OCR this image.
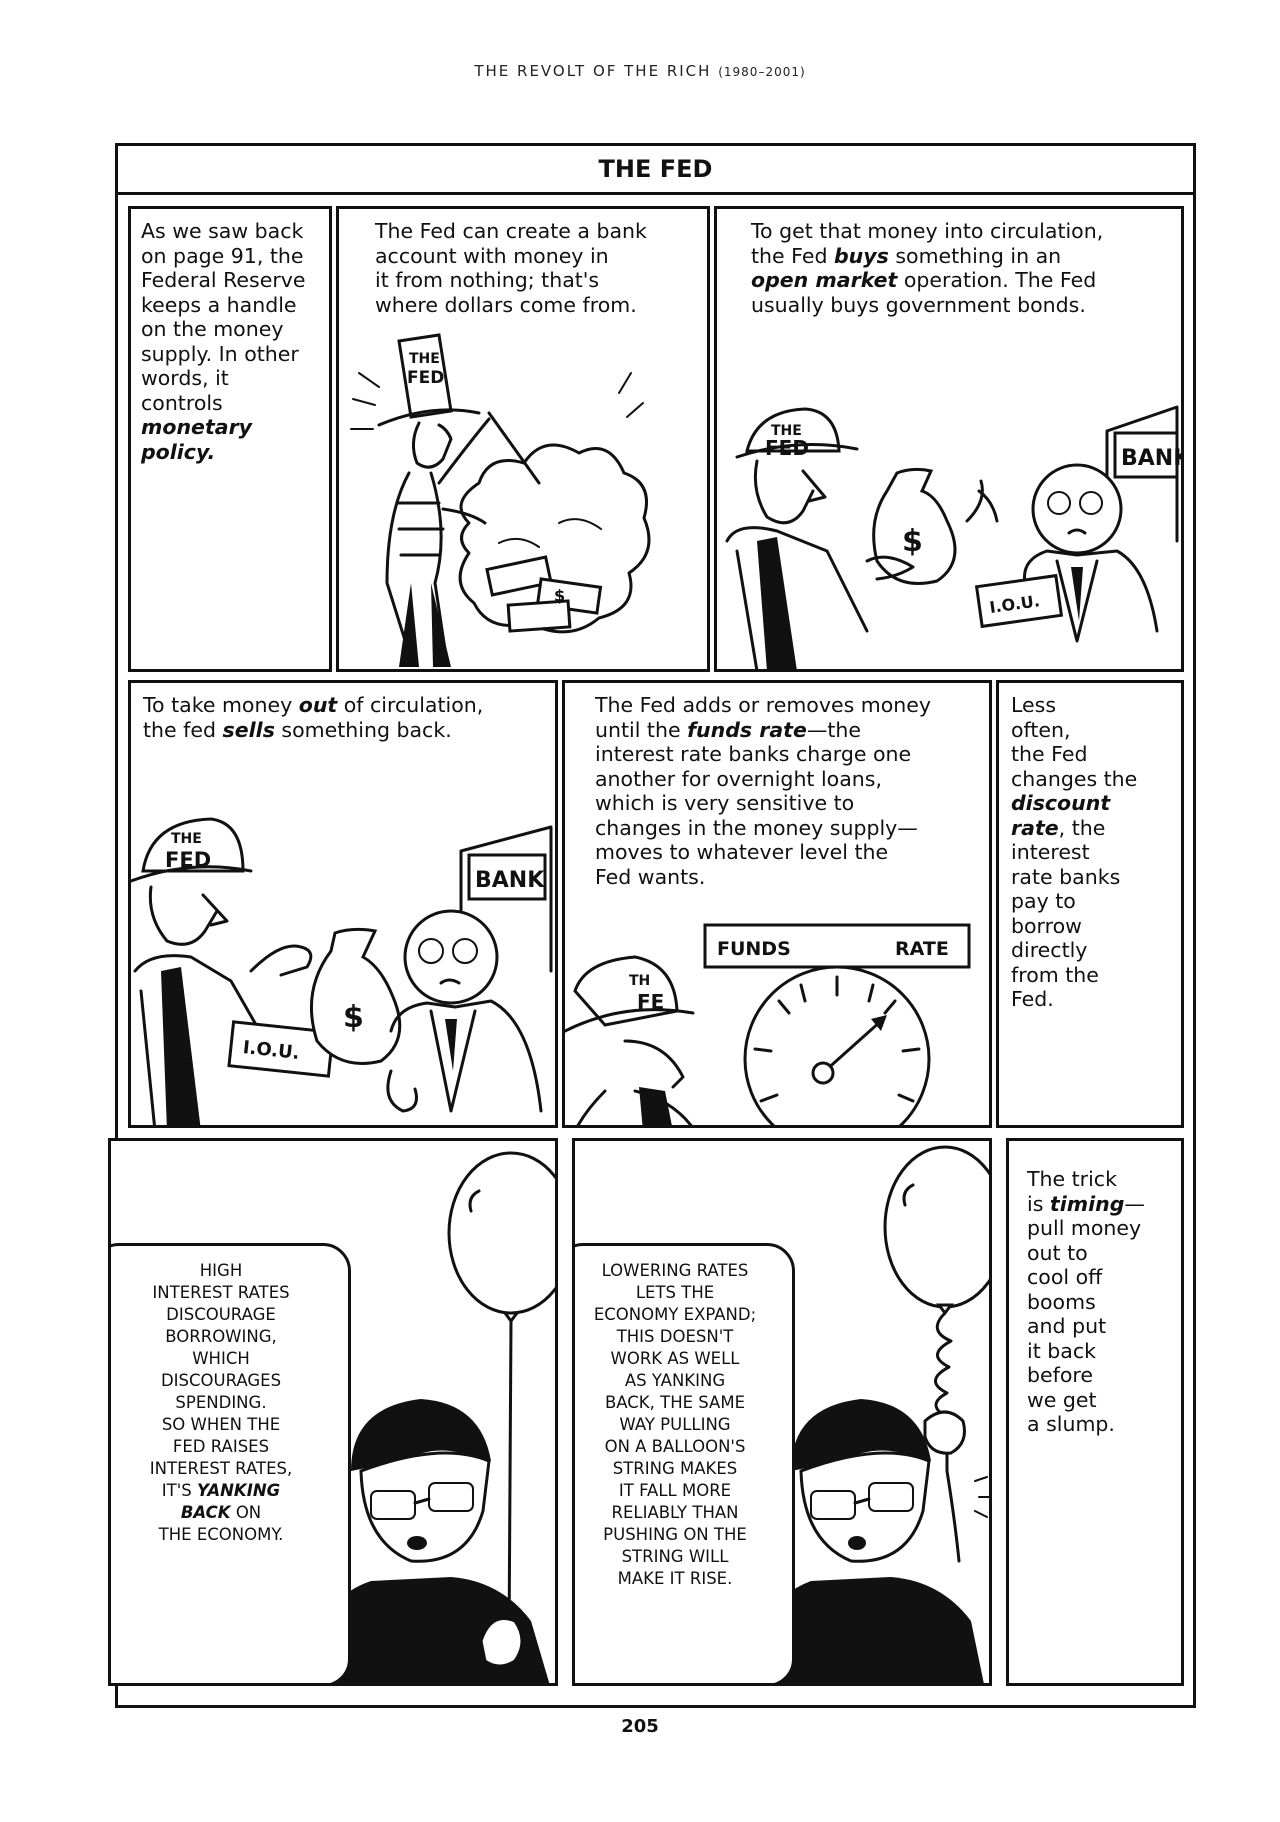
THE REVOLT OF THE RICH (1980–2001)
THE FED
As we saw back
on page 91, the
Federal Reserve
keeps a handle
on the money
supply. In other
words, it
controls
monetary
policy.
The Fed can create a bank
account with money in
it from nothing; that's
where dollars come from.
THE
FED
$
To get that money into circulation,
the Fed buys something in an
open market operation. The Fed
usually buys government bonds.
BANK
THE
FED
$
I.O.U.
To take money out of circulation,
the fed sells something back.
BANK
THE
FED
I.O.U.
$
The Fed adds or removes money
until the funds rate—the
interest rate banks charge one
another for overnight loans,
which is very sensitive to
changes in the money supply—
moves to whatever level the
Fed wants.
FUNDS	RATE
TH
FE
Less
often,
the Fed
changes the
discount
rate, the
interest
rate banks
pay to
borrow
directly
from the
Fed.
HIGH
INTEREST RATES
DISCOURAGE
BORROWING,
WHICH
DISCOURAGES
SPENDING.
SO WHEN THE
FED RAISES
INTEREST RATES,
IT'S YANKING
BACK ON
THE ECONOMY.
LOWERING RATES
LETS THE
ECONOMY EXPAND;
THIS DOESN'T
WORK AS WELL
AS YANKING
BACK, THE SAME
WAY PULLING
ON A BALLOON'S
STRING MAKES
IT FALL MORE
RELIABLY THAN
PUSHING ON THE
STRING WILL
MAKE IT RISE.
The trick
is timing—
pull money
out to
cool off
booms
and put
it back
before
we get
a slump.
205
